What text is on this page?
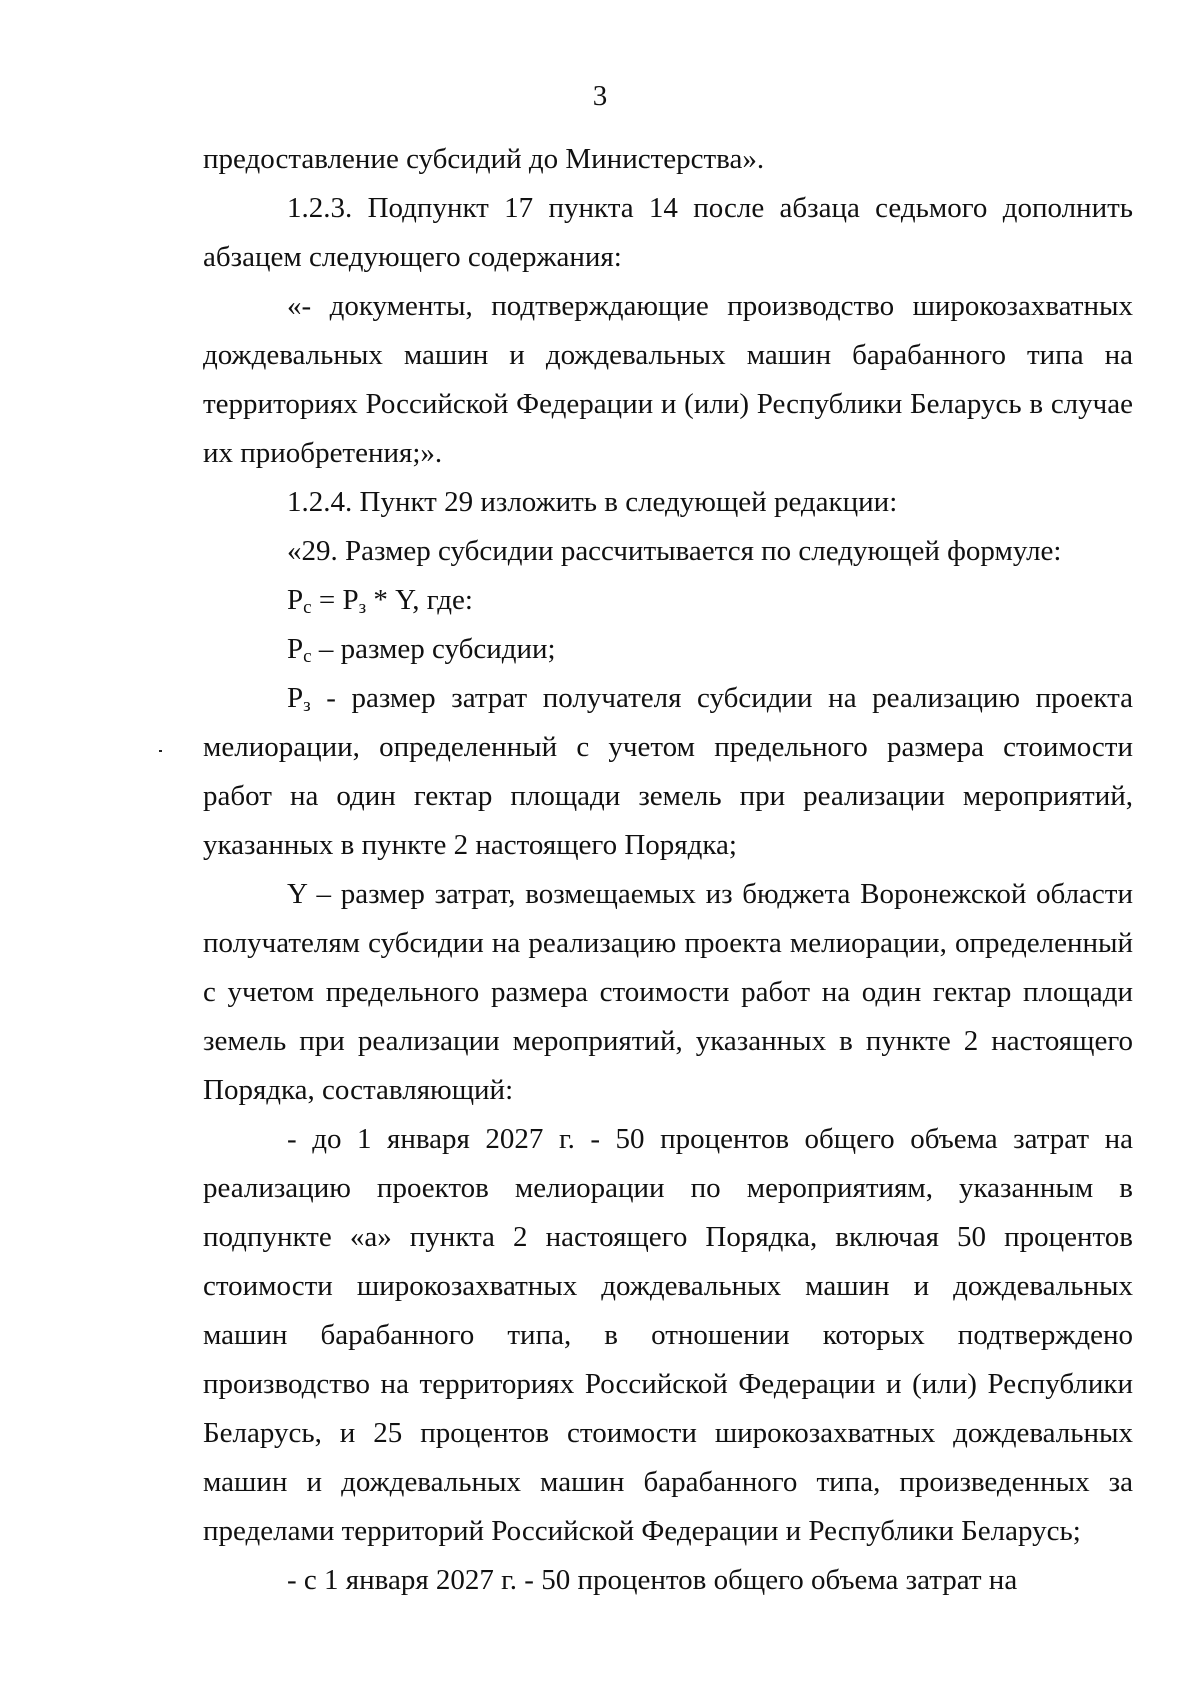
3

предоставление субсидий до Министерства».

1.2.3. Подпункт 17 пункта 14 после абзаца седьмого дополнить абзацем следующего содержания:

«- документы, подтверждающие производство широкозахватных дождевальных машин и дождевальных машин барабанного типа на территориях Российской Федерации и (или) Республики Беларусь в случае их приобретения;».

1.2.4. Пункт 29 изложить в следующей редакции:

«29. Размер субсидии рассчитывается по следующей формуле:

$Р_с = Р_з * Y$, где:

$Р_с$ – размер субсидии;

$Р_з$ - размер затрат получателя субсидии на реализацию проекта мелиорации, определенный с учетом предельного размера стоимости работ на один гектар площади земель при реализации мероприятий, указанных в пункте 2 настоящего Порядка;

Y – размер затрат, возмещаемых из бюджета Воронежской области получателям субсидии на реализацию проекта мелиорации, определенный с учетом предельного размера стоимости работ на один гектар площади земель при реализации мероприятий, указанных в пункте 2 настоящего Порядка, составляющий:

- до 1 января 2027 г. - 50 процентов общего объема затрат на реализацию проектов мелиорации по мероприятиям, указанным в подпункте «а» пункта 2 настоящего Порядка, включая 50 процентов стоимости широкозахватных дождевальных машин и дождевальных машин барабанного типа, в отношении которых подтверждено производство на территориях Российской Федерации и (или) Республики Беларусь, и 25 процентов стоимости широкозахватных дождевальных машин и дождевальных машин барабанного типа, произведенных за пределами территорий Российской Федерации и Республики Беларусь;

- с 1 января 2027 г. - 50 процентов общего объема затрат на
